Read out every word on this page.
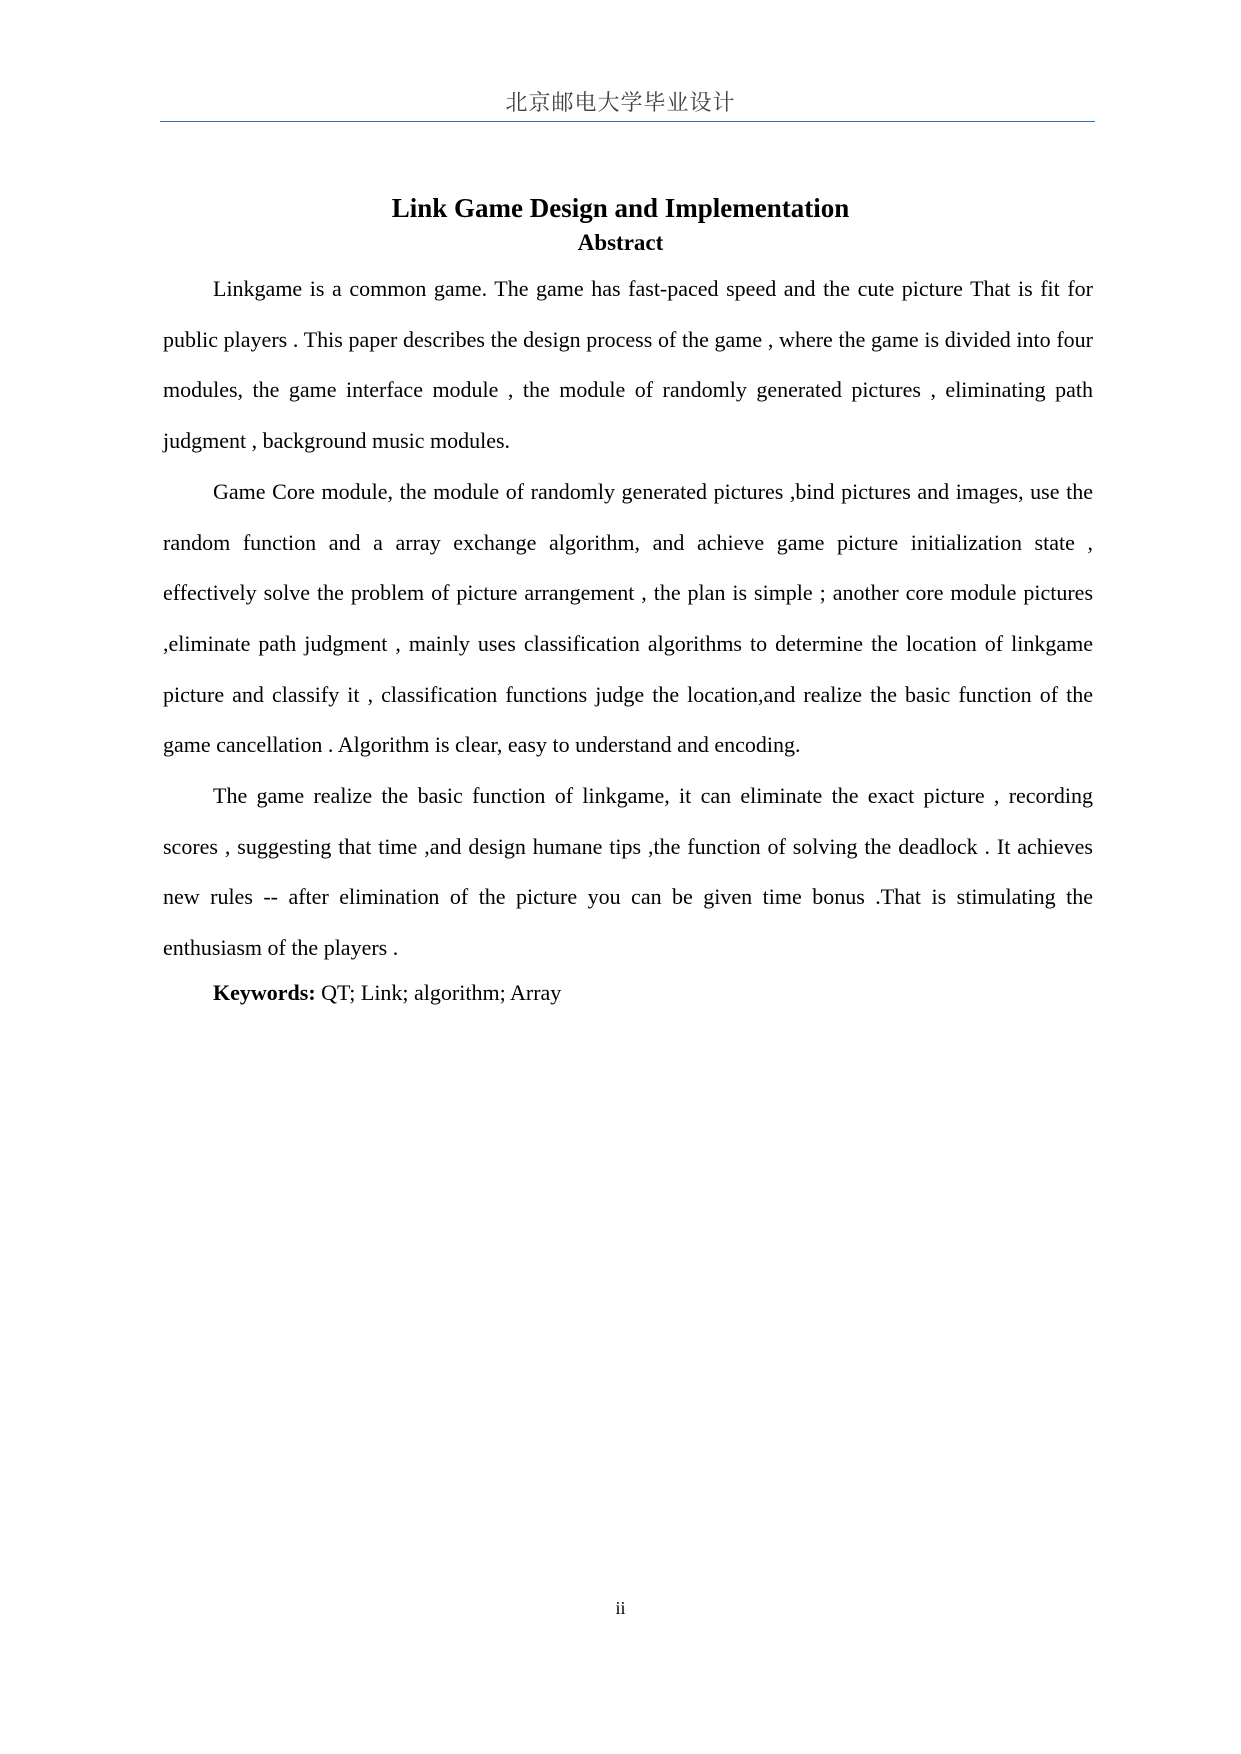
北京邮电大学毕业设计
Link Game Design and Implementation
Abstract

Linkgame is a common game. The game has fast-paced speed and the cute picture That is fit for public players . This paper describes the design process of the game , where the game is divided into four modules, the game interface module , the module of randomly generated pictures , eliminating path judgment , background music modules.

Game Core module, the module of randomly generated pictures ,bind pictures and images, use the random function and a array exchange algorithm, and achieve game picture initialization state , effectively solve the problem of picture arrangement , the plan is simple ; another core module pictures ,eliminate path judgment , mainly uses classification algorithms to determine the location of linkgame picture and classify it , classification functions judge the location,and realize the basic function of the game cancellation . Algorithm is clear, easy to understand and encoding.

The game realize the basic function of linkgame, it can eliminate the exact picture , recording scores , suggesting that time ,and design humane tips ,the function of solving the deadlock . It achieves new rules -- after elimination of the picture you can be given time bonus .That is stimulating the enthusiasm of the players .

Keywords: QT; Link; algorithm; Array

ii
